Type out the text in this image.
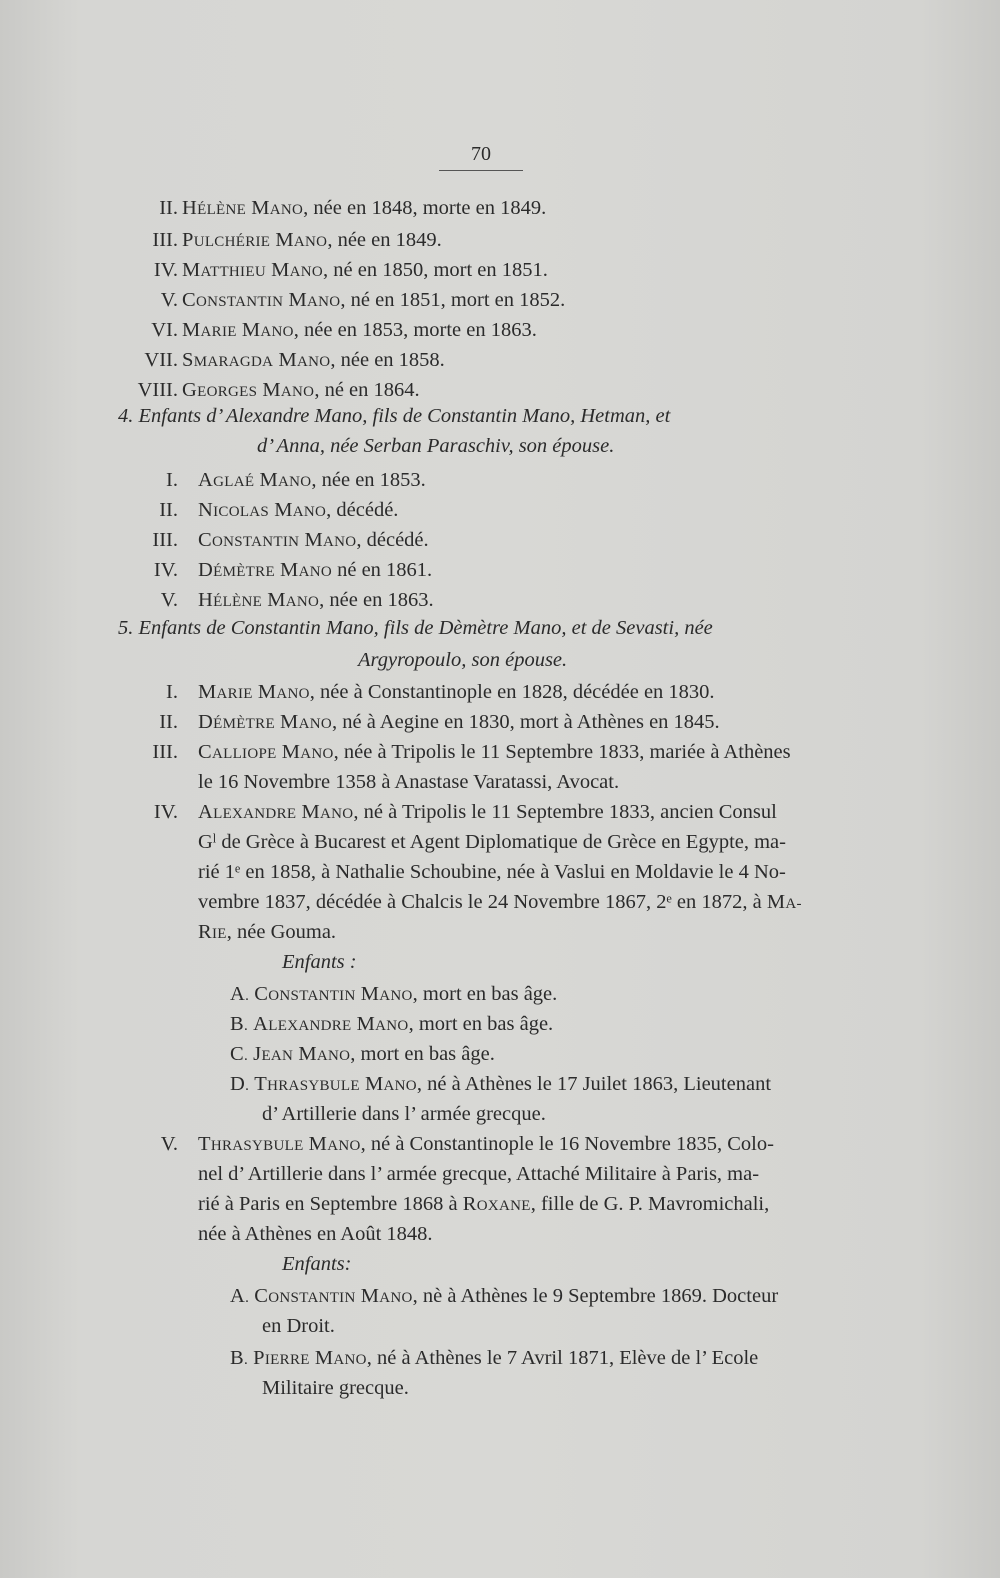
70
II. HÉLÈNE MANO, née en 1848, morte en 1849.
III. PULCHÉRIE MANO, née en 1849.
IV. MATTHIEU MANO, né en 1850, mort en 1851.
V. CONSTANTIN MANO, né en 1851, mort en 1852.
VI. MARIE MANO, née en 1853, morte en 1863.
VII. SMARAGDA MANO, née en 1858.
VIII. GEORGES MANO, né en 1864.
4. Enfants d’ Alexandre Mano, fils de Constantin Mano, Hetman, et
d’ Anna, née Serban Paraschiv, son épouse.
I. AGLAÉ MANO, née en 1853.
II. NICOLAS MANO, décédé.
III. CONSTANTIN MANO, décédé.
IV. DÉMÈTRE MANO né en 1861.
V. HÉLÈNE MANO, née en 1863.
5. Enfants de Constantin Mano, fils de Dèmètre Mano, et de Sevasti, née
Argyropoulo, son épouse.
I. MARIE MANO, née à Constantinople en 1828, décédée en 1830.
II. DÉMÈTRE MANO, né à Aegine en 1830, mort à Athènes en 1845.
III. CALLIOPE MANO, née à Tripolis le 11 Septembre 1833, mariée à Athènes
le 16 Novembre 1358 à Anastase Varatassi, Avocat.
IV. ALEXANDRE MANO, né à Tripolis le 11 Septembre 1833, ancien Consul
Gˡ de Grèce à Bucarest et Agent Diplomatique de Grèce en Egypte, ma-
rié 1ᵉ en 1858, à Nathalie Schoubine, née à Vaslui en Moldavie le 4 No-
vembre 1837, décédée à Chalcis le 24 Novembre 1867, 2ᵉ en 1872, à MA-
RIE, née Gouma.
Enfants :
A. CONSTANTIN MANO, mort en bas âge.
B. ALEXANDRE MANO, mort en bas âge.
C. JEAN MANO, mort en bas âge.
D. THRASYBULE MANO, né à Athènes le 17 Juilet 1863, Lieutenant
d’ Artillerie dans l’ armée grecque.
V. THRASYBULE MANO, né à Constantinople le 16 Novembre 1835, Colo-
nel d’ Artillerie dans l’ armée grecque, Attaché Militaire à Paris, ma-
rié à Paris en Septembre 1868 à ROXANE, fille de G. P. Mavromichali,
née à Athènes en Août 1848.
Enfants:
A. CONSTANTIN MANO, nè à Athènes le 9 Septembre 1869. Docteur
en Droit.
B. PIERRE MANO, né à Athènes le 7 Avril 1871, Elève de l’ Ecole
Militaire grecque.
